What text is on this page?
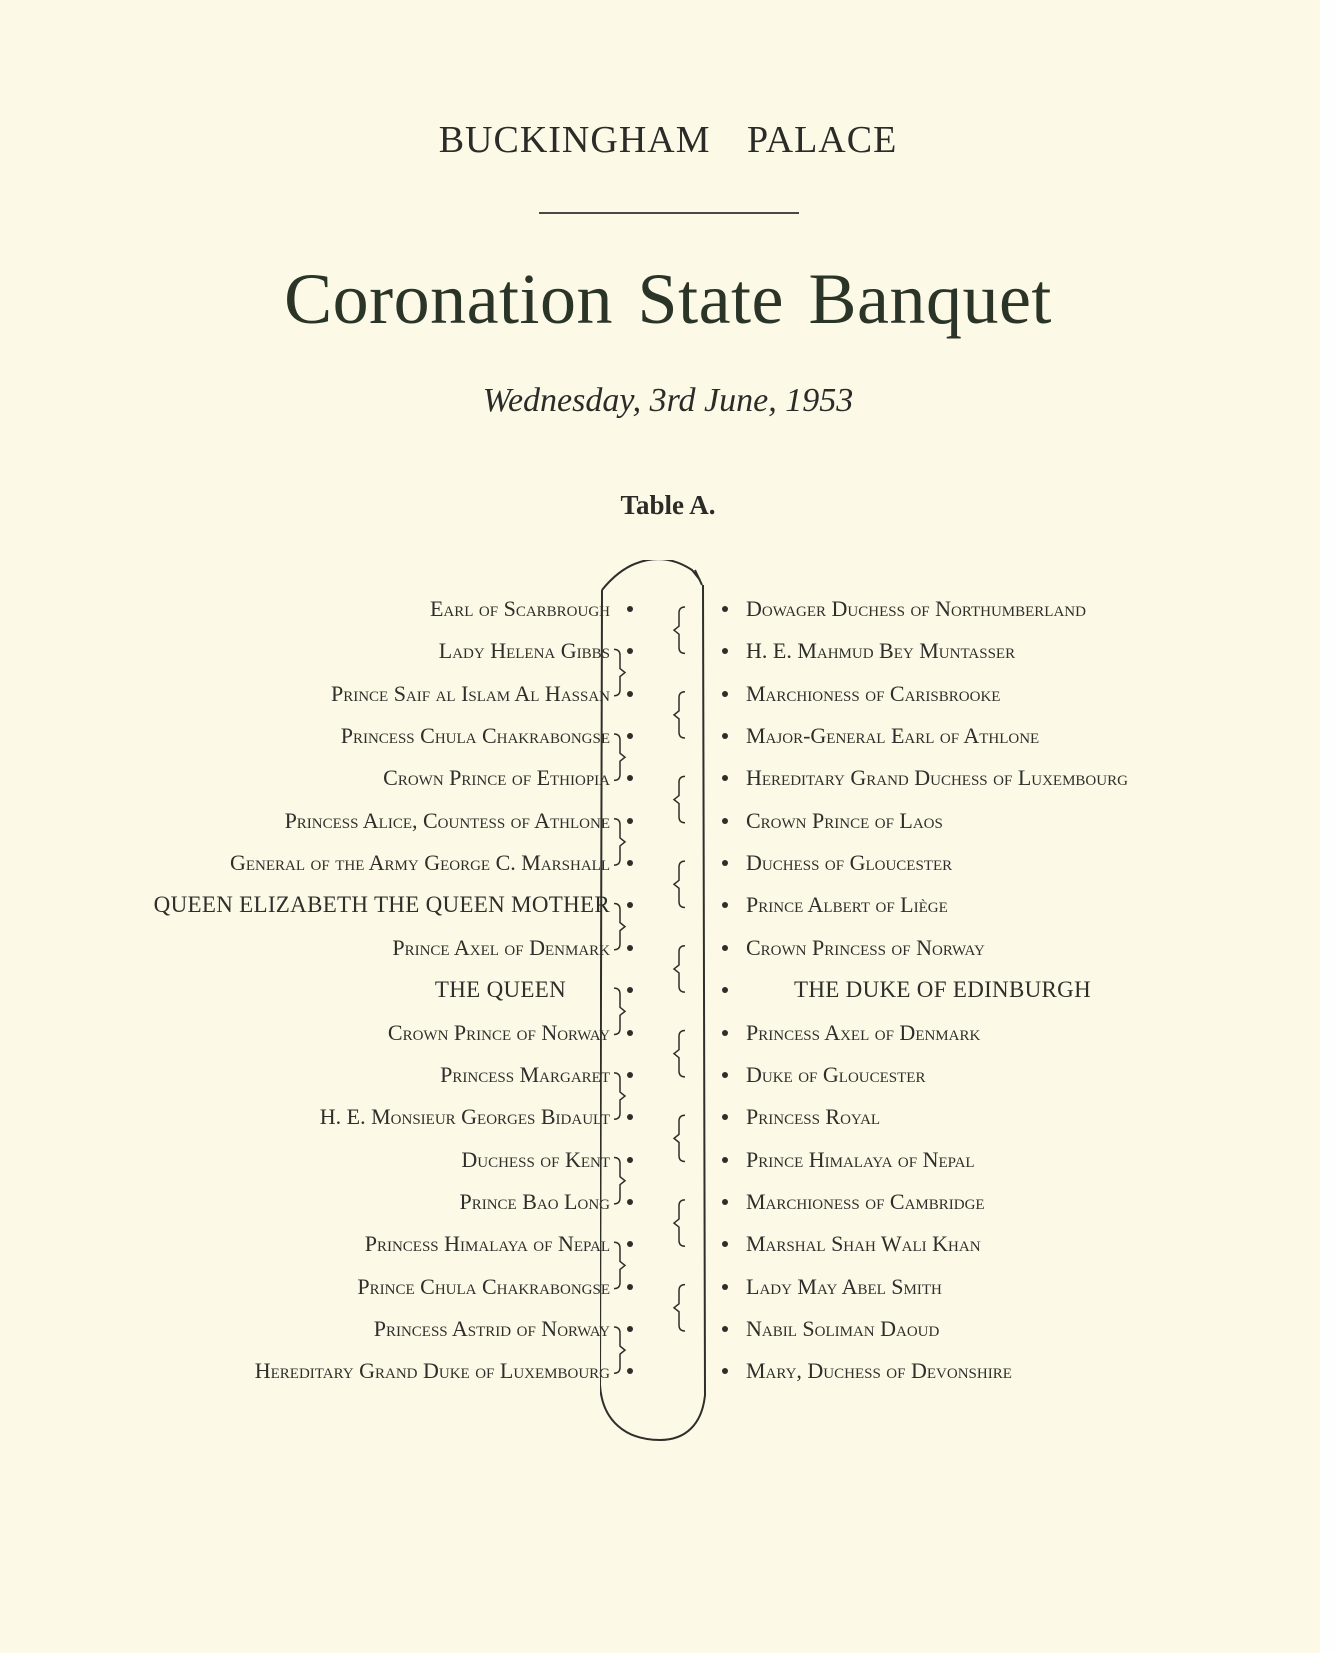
BUCKINGHAM PALACE
Coronation State Banquet
Wednesday, 3rd June, 1953
Table A.
Earl of Scarbrough	Dowager Duchess of Northumberland
Lady Helena Gibbs	H. E. Mahmud Bey Muntasser
Prince Saif al Islam Al Hassan	Marchioness of Carisbrooke
Princess Chula Chakrabongse	Major-General Earl of Athlone
Crown Prince of Ethiopia	Hereditary Grand Duchess of Luxembourg
Princess Alice, Countess of Athlone	Crown Prince of Laos
General of the Army George C. Marshall	Duchess of Gloucester
QUEEN ELIZABETH THE QUEEN MOTHER	Prince Albert of Liège
Prince Axel of Denmark	Crown Princess of Norway
THE QUEEN	THE DUKE OF EDINBURGH
Crown Prince of Norway	Princess Axel of Denmark
Princess Margaret	Duke of Gloucester
H. E. Monsieur Georges Bidault	Princess Royal
Duchess of Kent	Prince Himalaya of Nepal
Prince Bao Long	Marchioness of Cambridge
Princess Himalaya of Nepal	Marshal Shah Wali Khan
Prince Chula Chakrabongse	Lady May Abel Smith
Princess Astrid of Norway	Nabil Soliman Daoud
Hereditary Grand Duke of Luxembourg	Mary, Duchess of Devonshire
